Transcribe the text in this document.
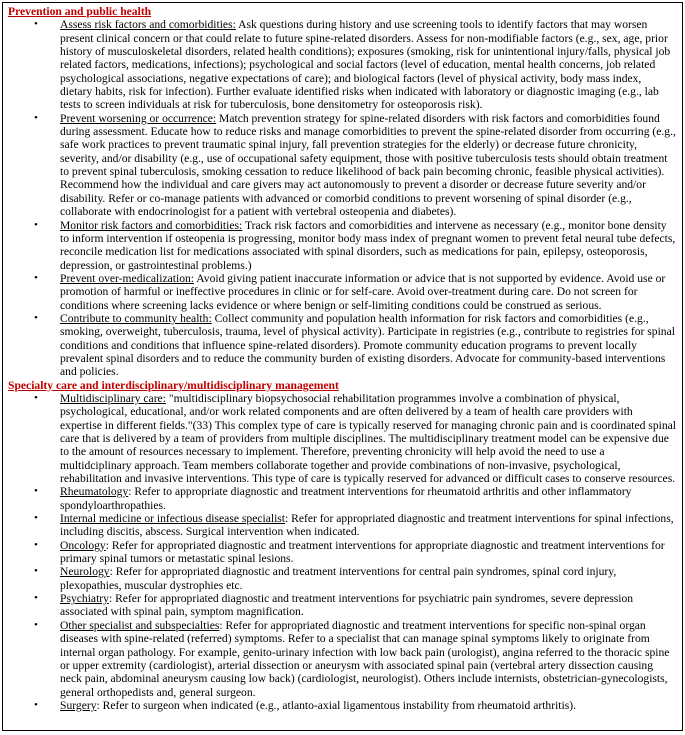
Prevention and public health
• Assess risk factors and comorbidities: Ask questions during history and use screening tools to identify factors that may worsen present clinical concern or that could relate to future spine-related disorders. Assess for non-modifiable factors (e.g., sex, age, prior history of musculoskeletal disorders, related health conditions); exposures (smoking, risk for unintentional injury/falls, physical job related factors, medications, infections); psychological and social factors (level of education, mental health concerns, job related psychological associations, negative expectations of care); and biological factors (level of physical activity, body mass index, dietary habits, risk for infection). Further evaluate identified risks when indicated with laboratory or diagnostic imaging (e.g., lab tests to screen individuals at risk for tuberculosis, bone densitometry for osteoporosis risk).
• Prevent worsening or occurrence: Match prevention strategy for spine-related disorders with risk factors and comorbidities found during assessment. Educate how to reduce risks and manage comorbidities to prevent the spine-related disorder from occurring (e.g., safe work practices to prevent traumatic spinal injury, fall prevention strategies for the elderly) or decrease future chronicity, severity, and/or disability (e.g., use of occupational safety equipment, those with positive tuberculosis tests should obtain treatment to prevent spinal tuberculosis, smoking cessation to reduce likelihood of back pain becoming chronic, feasible physical activities). Recommend how the individual and care givers may act autonomously to prevent a disorder or decrease future severity and/or disability. Refer or co-manage patients with advanced or comorbid conditions to prevent worsening of spinal disorder (e.g., collaborate with endocrinologist for a patient with vertebral osteopenia and diabetes).
• Monitor risk factors and comorbidities: Track risk factors and comorbidities and intervene as necessary (e.g., monitor bone density to inform intervention if osteopenia is progressing, monitor body mass index of pregnant women to prevent fetal neural tube defects, reconcile medication list for medications associated with spinal disorders, such as medications for pain, epilepsy, osteoporosis, depression, or gastrointestinal problems.)
• Prevent over-medicalization: Avoid giving patient inaccurate information or advice that is not supported by evidence. Avoid use or promotion of harmful or ineffective procedures in clinic or for self-care. Avoid over-treatment during care. Do not screen for conditions where screening lacks evidence or where benign or self-limiting conditions could be construed as serious.
• Contribute to community health: Collect community and population health information for risk factors and comorbidities (e.g., smoking, overweight, tuberculosis, trauma, level of physical activity). Participate in registries (e.g., contribute to registries for spinal conditions and conditions that influence spine-related disorders). Promote community education programs to prevent locally prevalent spinal disorders and to reduce the community burden of existing disorders. Advocate for community-based interventions and policies.
Specialty care and interdisciplinary/multidisciplinary management
• Multidisciplinary care: "multidisciplinary biopsychosocial rehabilitation programmes involve a combination of physical, psychological, educational, and/or work related components and are often delivered by a team of health care providers with expertise in different fields."(33) This complex type of care is typically reserved for managing chronic pain and is coordinated spinal care that is delivered by a team of providers from multiple disciplines. The multidisciplinary treatment model can be expensive due to the amount of resources necessary to implement. Therefore, preventing chronicity will help avoid the need to use a multidciplinary approach. Team members collaborate together and provide combinations of non-invasive, psychological, rehabilitation and invasive interventions. This type of care is typically reserved for advanced or difficult cases to conserve resources.
• Rheumatology: Refer to appropriate diagnostic and treatment interventions for rheumatoid arthritis and other inflammatory spondyloarthropathies.
• Internal medicine or infectious disease specialist: Refer for appropriated diagnostic and treatment interventions for spinal infections, including discitis, abscess. Surgical intervention when indicated.
• Oncology: Refer for appropriated diagnostic and treatment interventions for appropriate diagnostic and treatment interventions for primary spinal tumors or metastatic spinal lesions.
• Neurology: Refer for appropriated diagnostic and treatment interventions for central pain syndromes, spinal cord injury, plexopathies, muscular dystrophies etc.
• Psychiatry: Refer for appropriated diagnostic and treatment interventions for psychiatric pain syndromes, severe depression associated with spinal pain, symptom magnification.
• Other specialist and subspecialties: Refer for appropriated diagnostic and treatment interventions for specific non-spinal organ diseases with spine-related (referred) symptoms. Refer to a specialist that can manage spinal symptoms likely to originate from internal organ pathology. For example, genito-urinary infection with low back pain (urologist), angina referred to the thoracic spine or upper extremity (cardiologist), arterial dissection or aneurysm with associated spinal pain (vertebral artery dissection causing neck pain, abdominal aneurysm causing low back) (cardiologist, neurologist). Others include internists, obstetrician-gynecologists, general orthopedists and, general surgeon.
• Surgery: Refer to surgeon when indicated (e.g., atlanto-axial ligamentous instability from rheumatoid arthritis).
